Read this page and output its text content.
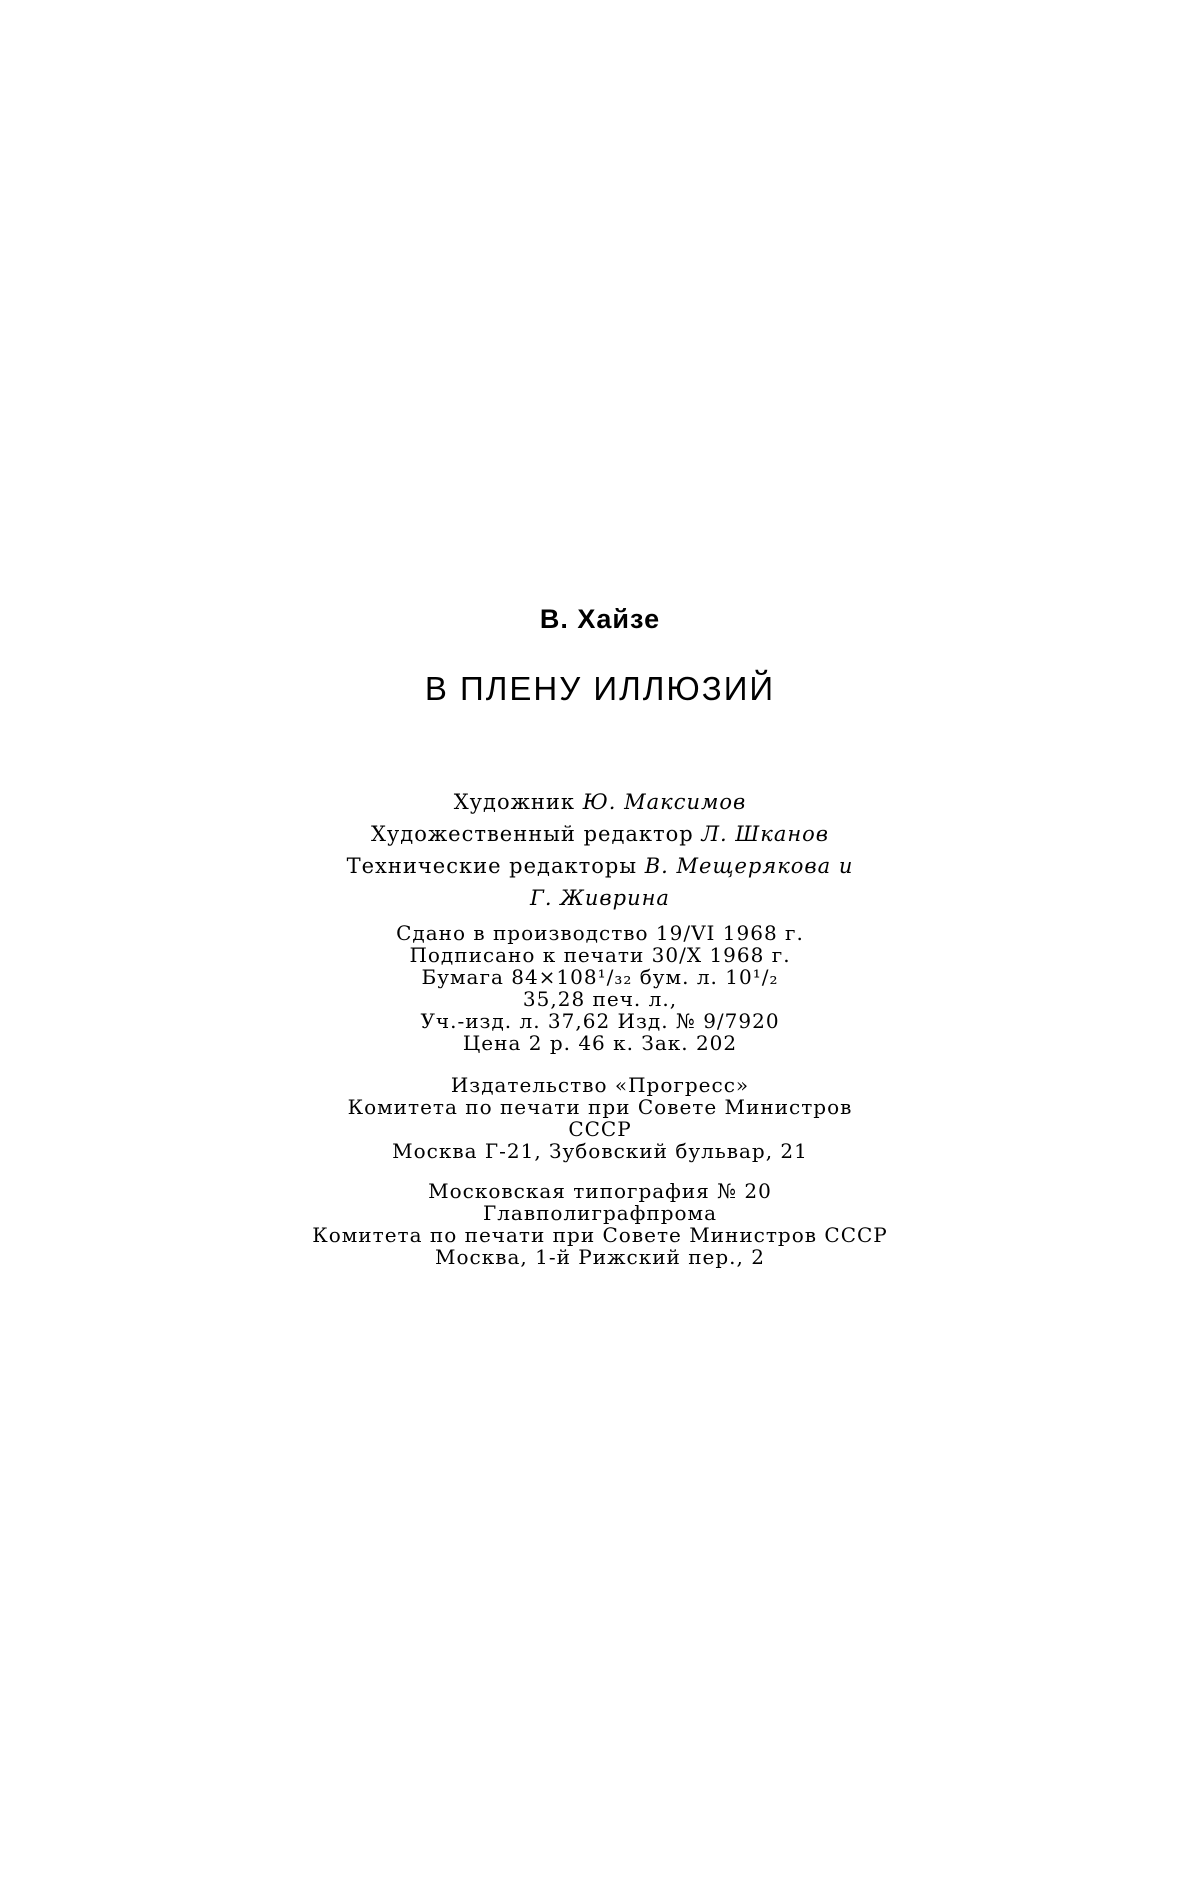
В. Хайзе
В ПЛЕНУ ИЛЛЮЗИЙ
Художник Ю. Максимов
Художественный редактор Л. Шканов
Технические редакторы В. Мещерякова и
Г. Живрина
Сдано в производство 19/VI 1968 г.
Подписано к печати 30/X 1968 г.
Бумага 84×108¹/₃₂ бум. л. 10¹/₂
35,28 печ. л.,
Уч.-изд. л. 37,62 Изд. № 9/7920
Цена 2 р. 46 к. Зак. 202
Издательство «Прогресс»
Комитета по печати при Совете Министров
СССР
Москва Г-21, Зубовский бульвар, 21
Московская типография № 20
Главполиграфпрома
Комитета по печати при Совете Министров СССР
Москва, 1-й Рижский пер., 2
